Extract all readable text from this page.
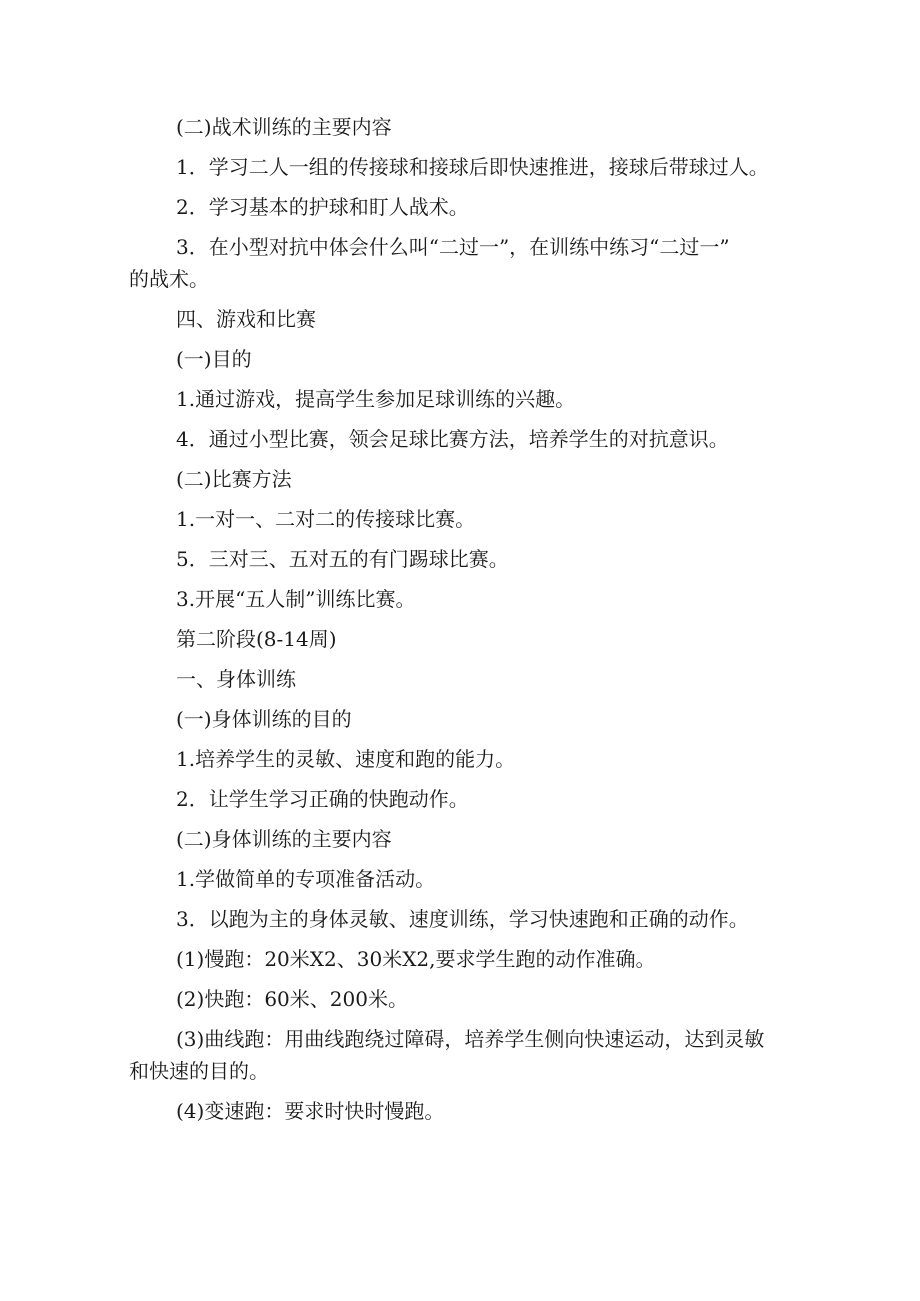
(二)战术训练的主要内容

1．学习二人一组的传接球和接球后即快速推进，接球后带球过人。

2．学习基本的护球和盯人战术。

3．在小型对抗中体会什么叫“二过一”，在训练中练习“二过一”

的战术。

四、游戏和比赛

(一)目的

1.通过游戏，提高学生参加足球训练的兴趣。

4．通过小型比赛，领会足球比赛方法，培养学生的对抗意识。

(二)比赛方法

1.一对一、二对二的传接球比赛。

5．三对三、五对五的有门踢球比赛。

3.开展“五人制”训练比赛。

第二阶段(8-14周)

一、身体训练

(一)身体训练的目的

1.培养学生的灵敏、速度和跑的能力。

2．让学生学习正确的快跑动作。

(二)身体训练的主要内容

1.学做简单的专项准备活动。

3．以跑为主的身体灵敏、速度训练，学习快速跑和正确的动作。

(1)慢跑：20米X2、30米X2,要求学生跑的动作准确。

(2)快跑：60米、200米。

(3)曲线跑：用曲线跑绕过障碍，培养学生侧向快速运动，达到灵敏

和快速的目的。

(4)变速跑：要求时快时慢跑。
